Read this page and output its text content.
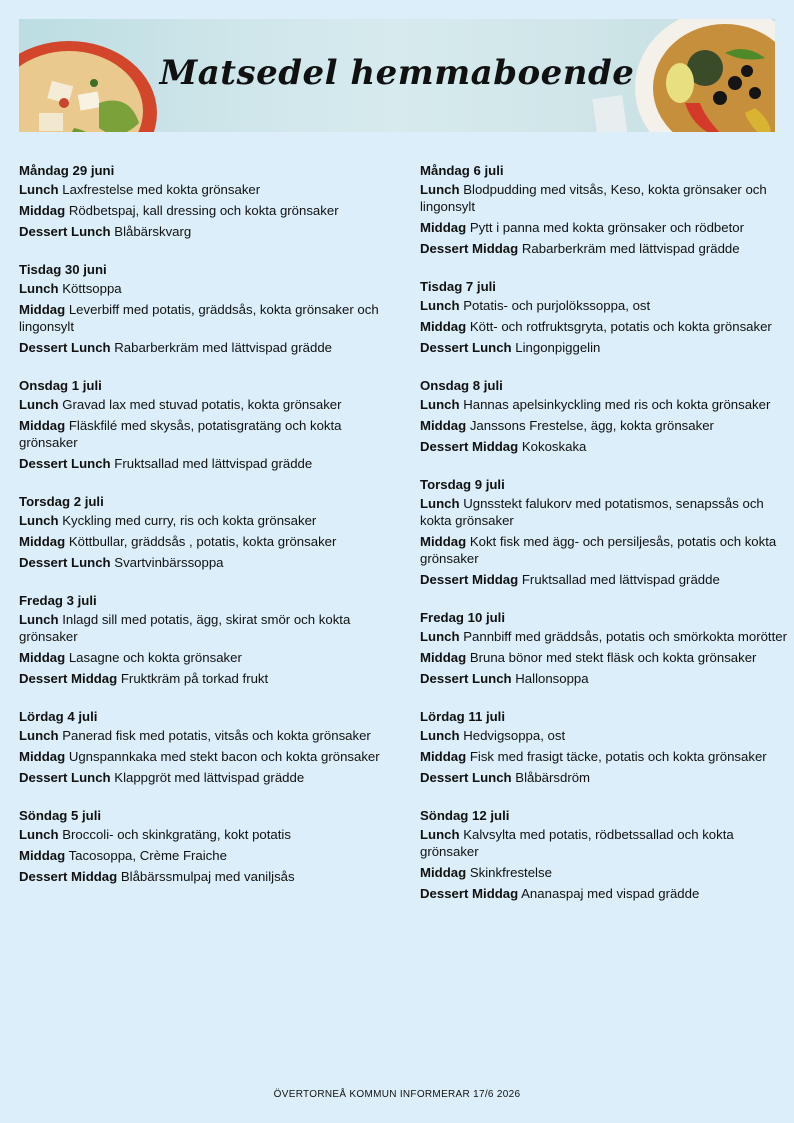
Matsedel hemmaboende
Måndag 29 juni
Lunch Laxfrestelse med kokta grönsaker
Middag Rödbetspaj, kall dressing och kokta grönsaker
Dessert Lunch Blåbärskvarg
Tisdag 30 juni
Lunch Köttsoppa
Middag Leverbiff med potatis, gräddsås, kokta grönsaker och lingonsylt
Dessert Lunch Rabarberkräm med lättvispad grädde
Onsdag 1 juli
Lunch Gravad lax med stuvad potatis, kokta grönsaker
Middag Fläskfilé med skysås, potatisgratäng och kokta grönsaker
Dessert Lunch Fruktsallad med lättvispad grädde
Torsdag 2 juli
Lunch Kyckling med curry, ris och kokta grönsaker
Middag Köttbullar, gräddsås , potatis, kokta grönsaker
Dessert Lunch Svartvinbärssoppa
Fredag 3 juli
Lunch Inlagd sill med potatis, ägg, skirat smör och kokta grönsaker
Middag Lasagne och kokta grönsaker
Dessert Middag Fruktkräm på torkad frukt
Lördag 4 juli
Lunch Panerad fisk med potatis, vitsås och kokta grönsaker
Middag Ugnspannkaka med stekt bacon och kokta grönsaker
Dessert Lunch Klappgröt med lättvispad grädde
Söndag 5 juli
Lunch Broccoli- och skinkgratäng, kokt potatis
Middag Tacosoppa, Crème Fraiche
Dessert Middag Blåbärssmulpaj med vaniljsås
Måndag 6 juli
Lunch Blodpudding med vitsås, Keso, kokta grönsaker och lingonsylt
Middag Pytt i panna med kokta grönsaker och rödbetor
Dessert Middag Rabarberkräm med lättvispad grädde
Tisdag 7 juli
Lunch Potatis- och purjolökssoppa, ost
Middag Kött- och rotfruktsgryta, potatis och kokta grönsaker
Dessert Lunch Lingonpiggelin
Onsdag 8 juli
Lunch Hannas apelsinkyckling med ris och kokta grönsaker
Middag Janssons Frestelse, ägg, kokta grönsaker
Dessert Middag Kokoskaka
Torsdag 9 juli
Lunch Ugnsstekt falukorv med potatismos, senapssås och kokta grönsaker
Middag Kokt fisk med ägg- och persiljesås, potatis och kokta grönsaker
Dessert Middag Fruktsallad med lättvispad grädde
Fredag 10 juli
Lunch Pannbiff med gräddsås, potatis och smörkokta morötter
Middag Bruna bönor med stekt fläsk och kokta grönsaker
Dessert Lunch Hallonsoppa
Lördag 11 juli
Lunch Hedvigsoppa, ost
Middag Fisk med frasigt täcke, potatis och kokta grönsaker
Dessert Lunch Blåbärsdröm
Söndag 12 juli
Lunch Kalvsylta med potatis, rödbetssallad och kokta grönsaker
Middag Skinkfrestelse
Dessert Middag Ananaspaj med vispad grädde
ÖVERTORNEÅ KOMMUN INFORMERAR 17/6 2026
